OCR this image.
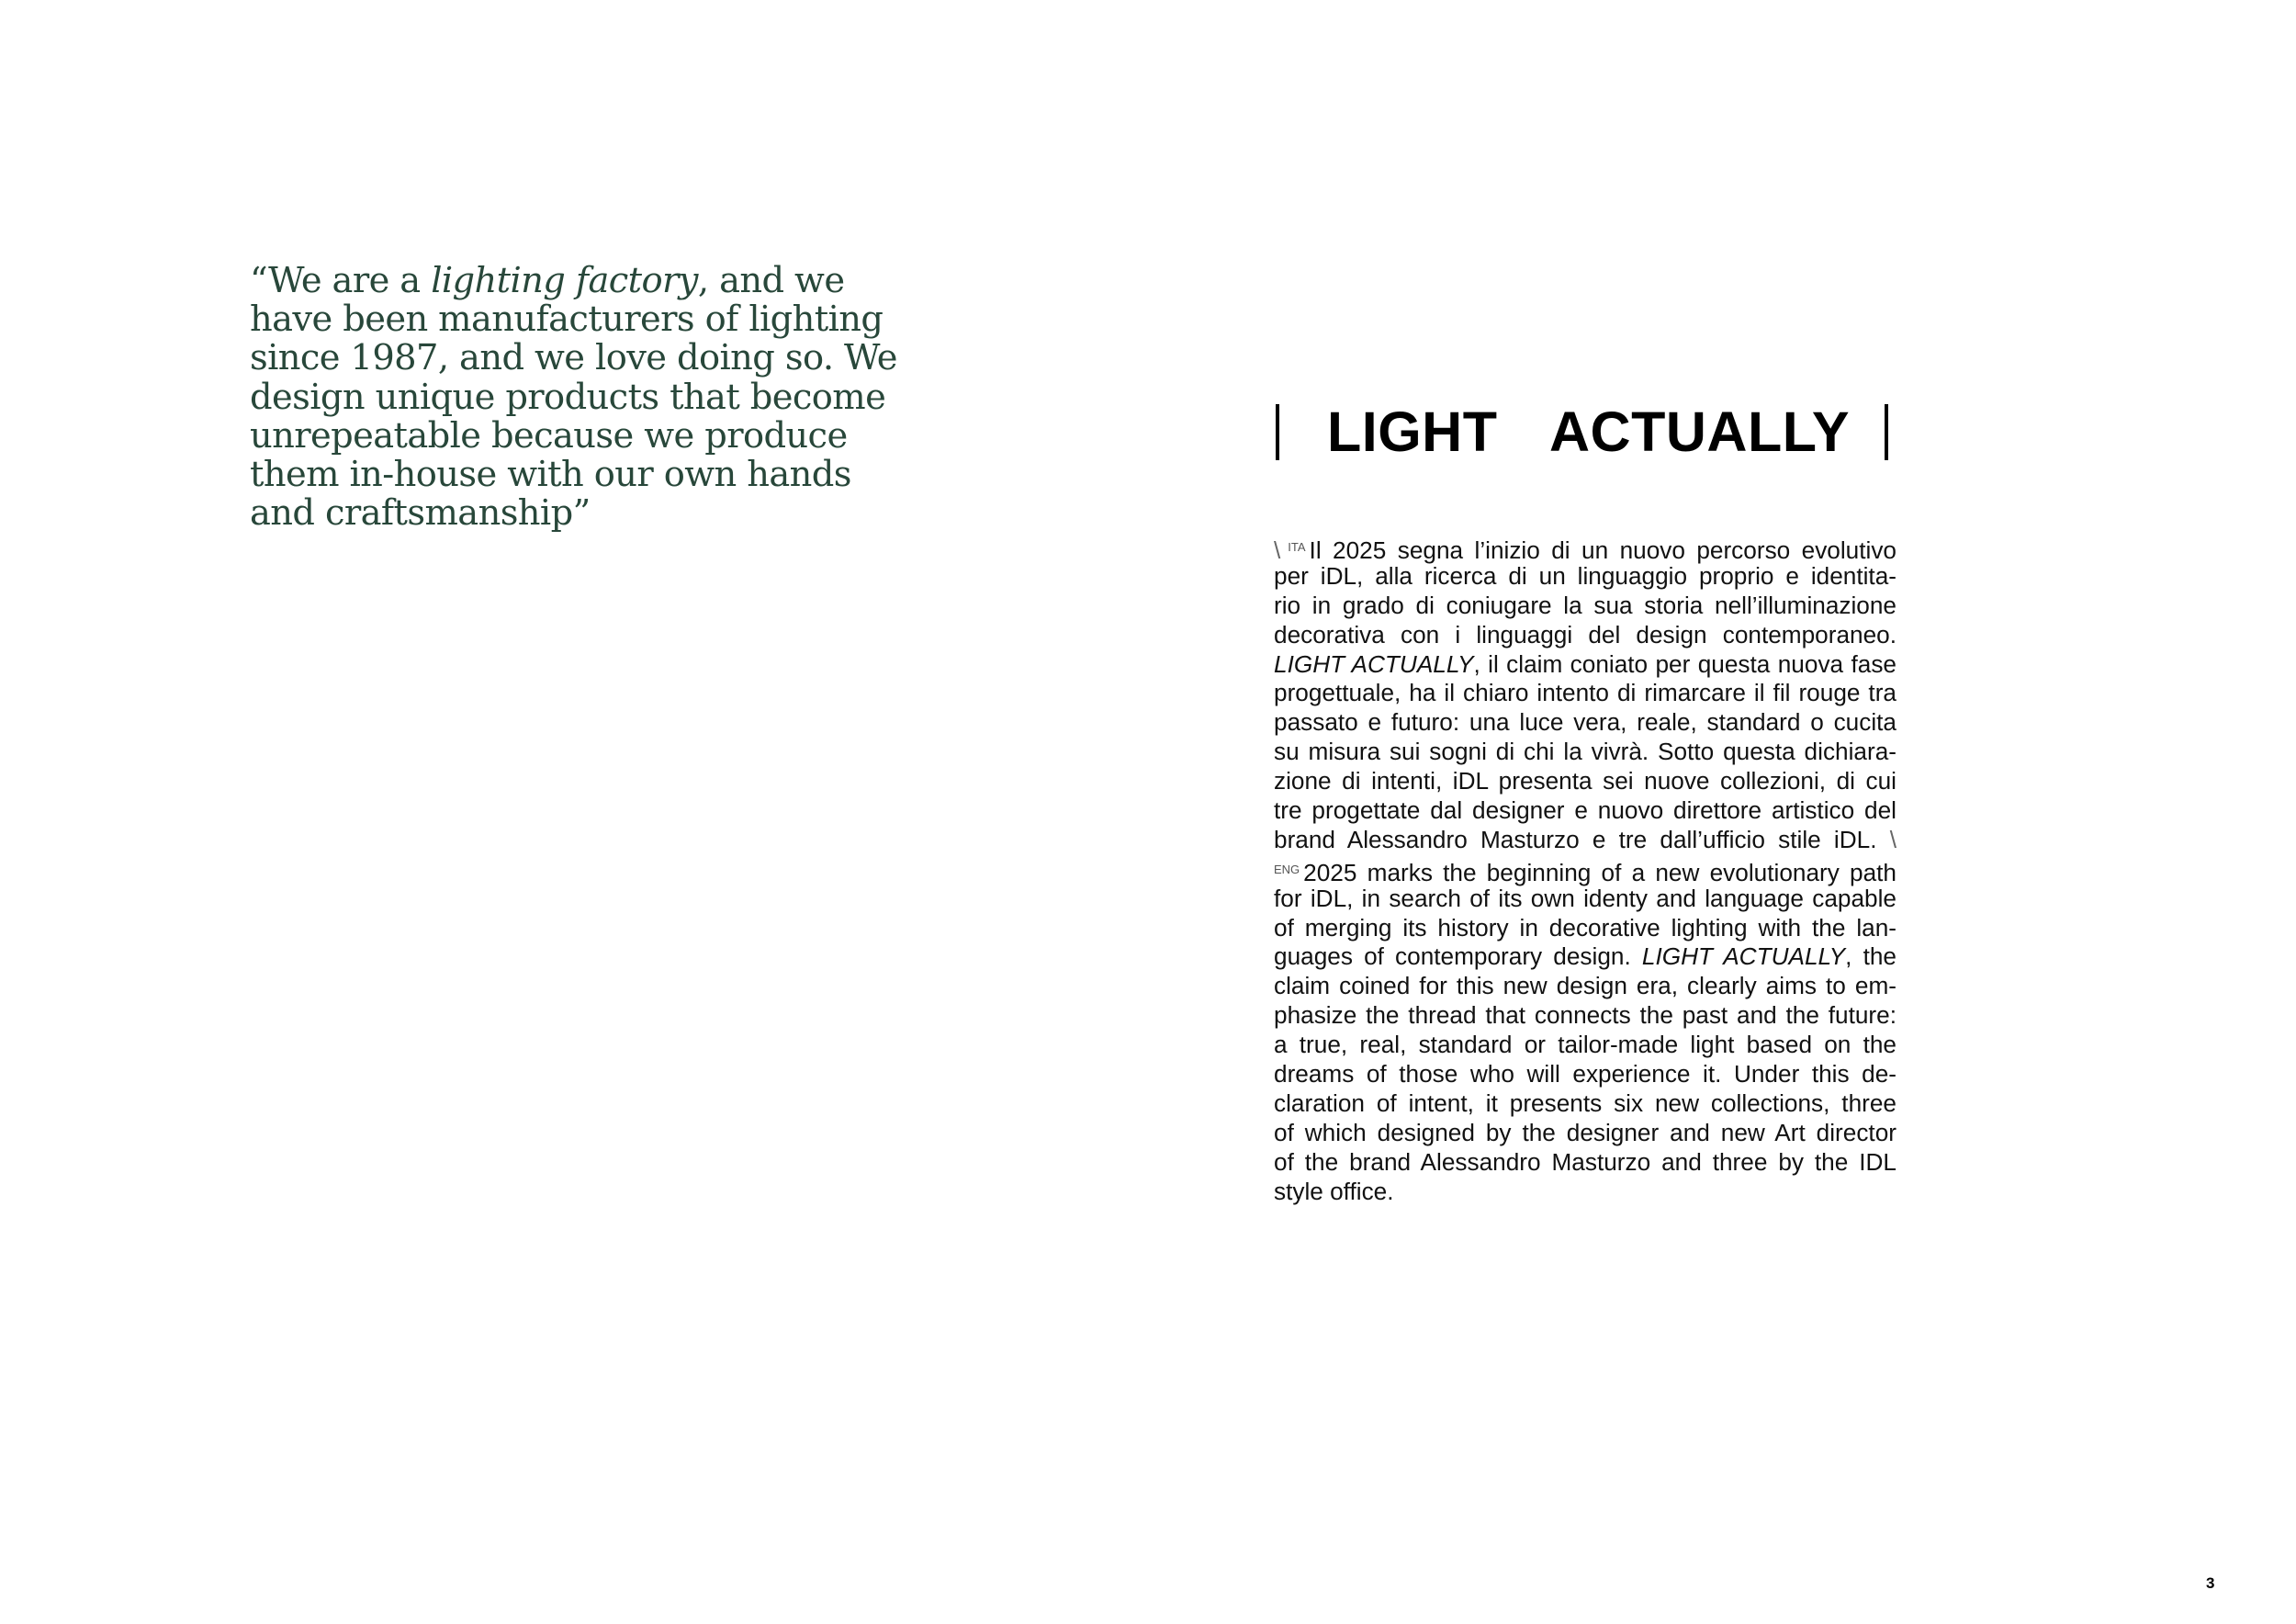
“We are a lighting factory, and we
have been manufacturers of lighting
since 1987, and we love doing so. We
design unique products that become
unrepeatable because we produce
them in-house with our own hands
and craftsmanship”
LIGHT ACTUALLY
\ $^{ITA}$ Il 2025 segna l’inizio di un nuovo percorso evolutivo
per iDL, alla ricerca di un linguaggio proprio e identita-
rio in grado di coniugare la sua storia nell’illuminazione
decorativa con i linguaggi del design contemporaneo.
LIGHT ACTUALLY, il claim coniato per questa nuova fase
progettuale, ha il chiaro intento di rimarcare il fil rouge tra
passato e futuro: una luce vera, reale, standard o cucita
su misura sui sogni di chi la vivrà. Sotto questa dichiara-
zione di intenti, iDL presenta sei nuove collezioni, di cui
tre progettate dal designer e nuovo direttore artistico del
brand Alessandro Masturzo e tre dall’ufficio stile iDL. \
$^{ENG}$ 2025 marks the beginning of a new evolutionary path
for iDL, in search of its own identy and language capable
of merging its history in decorative lighting with the lan-
guages of contemporary design. LIGHT ACTUALLY, the
claim coined for this new design era, clearly aims to em-
phasize the thread that connects the past and the future:
a true, real, standard or tailor-made light based on the
dreams of those who will experience it. Under this de-
claration of intent, it presents six new collections, three
of which designed by the designer and new Art director
of the brand Alessandro Masturzo and three by the IDL
style office.
3
